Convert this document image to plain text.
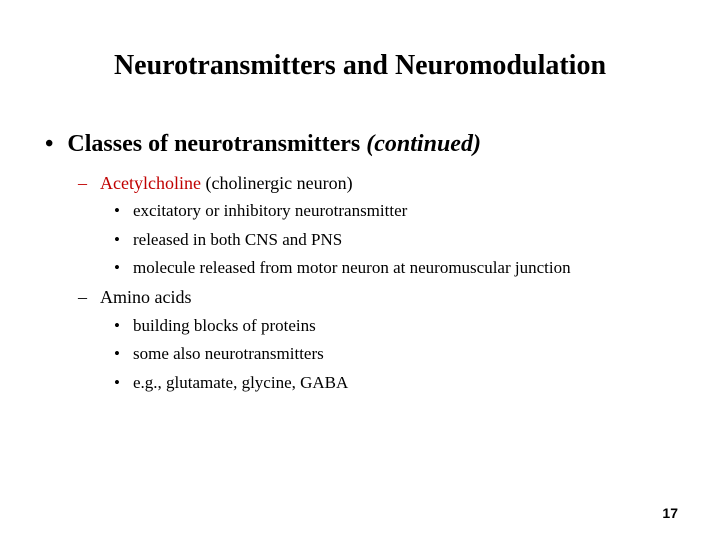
Neurotransmitters and Neuromodulation
• Classes of neurotransmitters (continued)
– Acetylcholine (cholinergic neuron)
• excitatory or inhibitory neurotransmitter
• released in both CNS and PNS
• molecule released from motor neuron at neuromuscular junction
– Amino acids
• building blocks of proteins
• some also neurotransmitters
• e.g., glutamate, glycine, GABA
17
